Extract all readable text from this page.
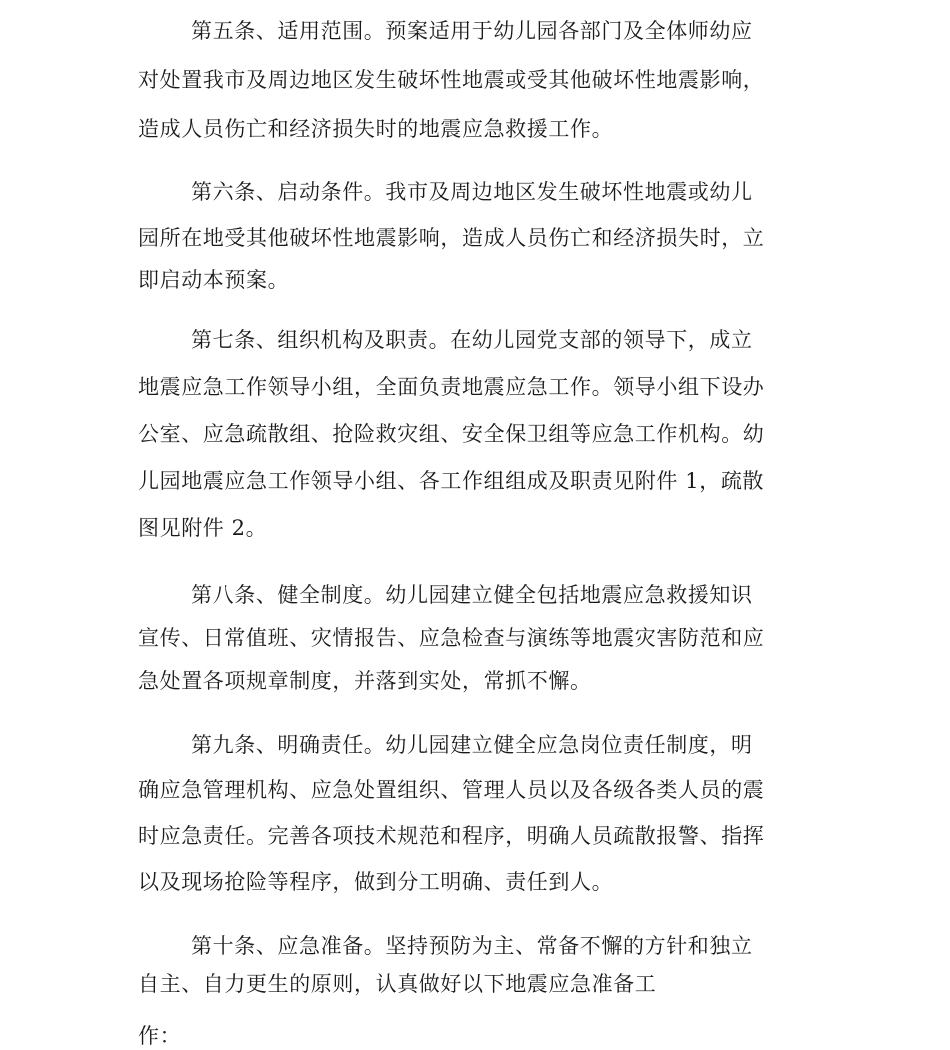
第五条、适用范围。预案适用于幼儿园各部门及全体师幼应
对处置我市及周边地区发生破坏性地震或受其他破坏性地震影响，
造成人员伤亡和经济损失时的地震应急救援工作。
第六条、启动条件。我市及周边地区发生破坏性地震或幼儿
园所在地受其他破坏性地震影响，造成人员伤亡和经济损失时，立
即启动本预案。
第七条、组织机构及职责。在幼儿园党支部的领导下，成立
地震应急工作领导小组，全面负责地震应急工作。领导小组下设办
公室、应急疏散组、抢险救灾组、安全保卫组等应急工作机构。幼
儿园地震应急工作领导小组、各工作组组成及职责见附件 1，疏散
图见附件 2。
第八条、健全制度。幼儿园建立健全包括地震应急救援知识
宣传、日常值班、灾情报告、应急检查与演练等地震灾害防范和应
急处置各项规章制度，并落到实处，常抓不懈。
第九条、明确责任。幼儿园建立健全应急岗位责任制度，明
确应急管理机构、应急处置组织、管理人员以及各级各类人员的震
时应急责任。完善各项技术规范和程序，明确人员疏散报警、指挥
以及现场抢险等程序，做到分工明确、责任到人。
第十条、应急准备。坚持预防为主、常备不懈的方针和独立
自主、自力更生的原则，认真做好以下地震应急准备工
作：
